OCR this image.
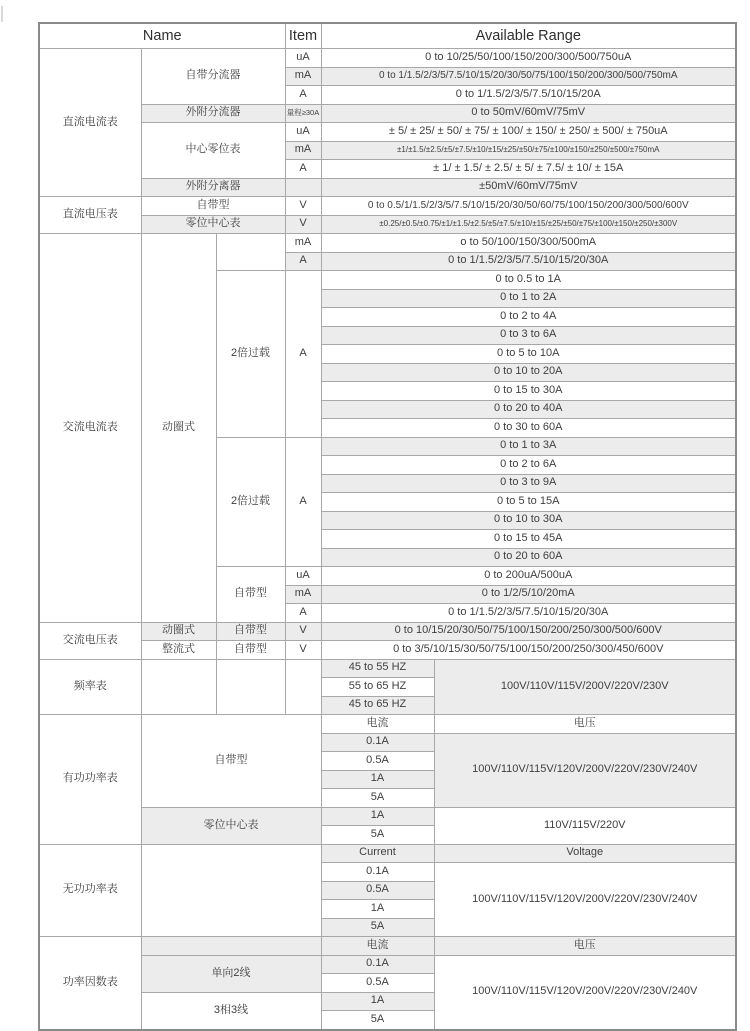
Name			Item	Available Range	
直流电流表	自带分流器		uA	0 to 10/25/50/100/150/200/300/500/750uA	
			mA	0 to 1/1.5/2/3/5/7.5/10/15/20/30/50/75/100/150/200/300/500/750mA	
			A	0 to 1/1.5/2/3/5/7.5/10/15/20A	
	外附分流器		量程≥30A	0 to 50mV/60mV/75mV	
	中心零位表		uA	± 5/ ± 25/ ± 50/ ± 75/ ± 100/ ± 150/ ± 250/ ± 500/ ± 750uA	
			mA	±1/±1.5/±2.5/±5/±7.5/±10/±15/±25/±50/±75/±100/±150/±250/±500/±750mA	
			A	± 1/ ± 1.5/ ± 2.5/ ± 5/ ± 7.5/ ± 10/ ± 15A	
	外附分离器			±50mV/60mV/75mV	
直流电压表	自带型		V	0 to 0.5/1/1.5/2/3/5/7.5/10/15/20/30/50/60/75/100/150/200/300/500/600V	
	零位中心表		V	±0.25/±0.5/±0.75/±1/±1.5/±2.5/±5/±7.5/±10/±15/±25/±50/±75/±100/±150/±250/±300V	
交流电流表	动圈式		mA	o to 50/100/150/300/500mA	
			A	0 to 1/1.5/2/3/5/7.5/10/15/20/30A	
		2倍过载	A	0 to 0.5 to 1A	
				0 to 1 to 2A	
				0 to 2 to 4A	
				0 to 3 to 6A	
				0 to 5 to 10A	
				0 to 10 to 20A	
				0 to 15 to 30A	
				0 to 20 to 40A	
				0 to 30 to 60A	
		2倍过载	A	0 to 1 to 3A	
				0 to 2 to 6A	
				0 to 3 to 9A	
				0 to 5 to 15A	
				0 to 10 to 30A	
				0 to 15 to 45A	
				0 to 20 to 60A	
		自带型	uA	0 to 200uA/500uA	
			mA	0 to 1/2/5/10/20mA	
			A	0 to 1/1.5/2/3/5/7.5/10/15/20/30A	
交流电压表	动圈式	自带型	V	0 to 10/15/20/30/50/75/100/150/200/250/300/500/600V	
	整流式	自带型	V	0 to 3/5/10/15/30/50/75/100/150/200/250/300/450/600V	
频率表				45 to 55 HZ	100V/110V/115V/200V/220V/230V
				55 to 65 HZ	
				45 to 65 HZ	
有功功率表	自带型			电流	电压
				0.1A	100V/110V/115V/120V/200V/220V/230V/240V
				0.5A	
				1A	
				5A	
	零位中心表			1A	110V/115V/220V
				5A	
无功功率表				Current	Voltage
				0.1A	100V/110V/115V/120V/200V/220V/230V/240V
				0.5A	
				1A	
				5A	
功率因数表				电流	电压
	单向2线			0.1A	100V/110V/115V/120V/200V/220V/230V/240V
				0.5A	
	3相3线			1A	
				5A	
